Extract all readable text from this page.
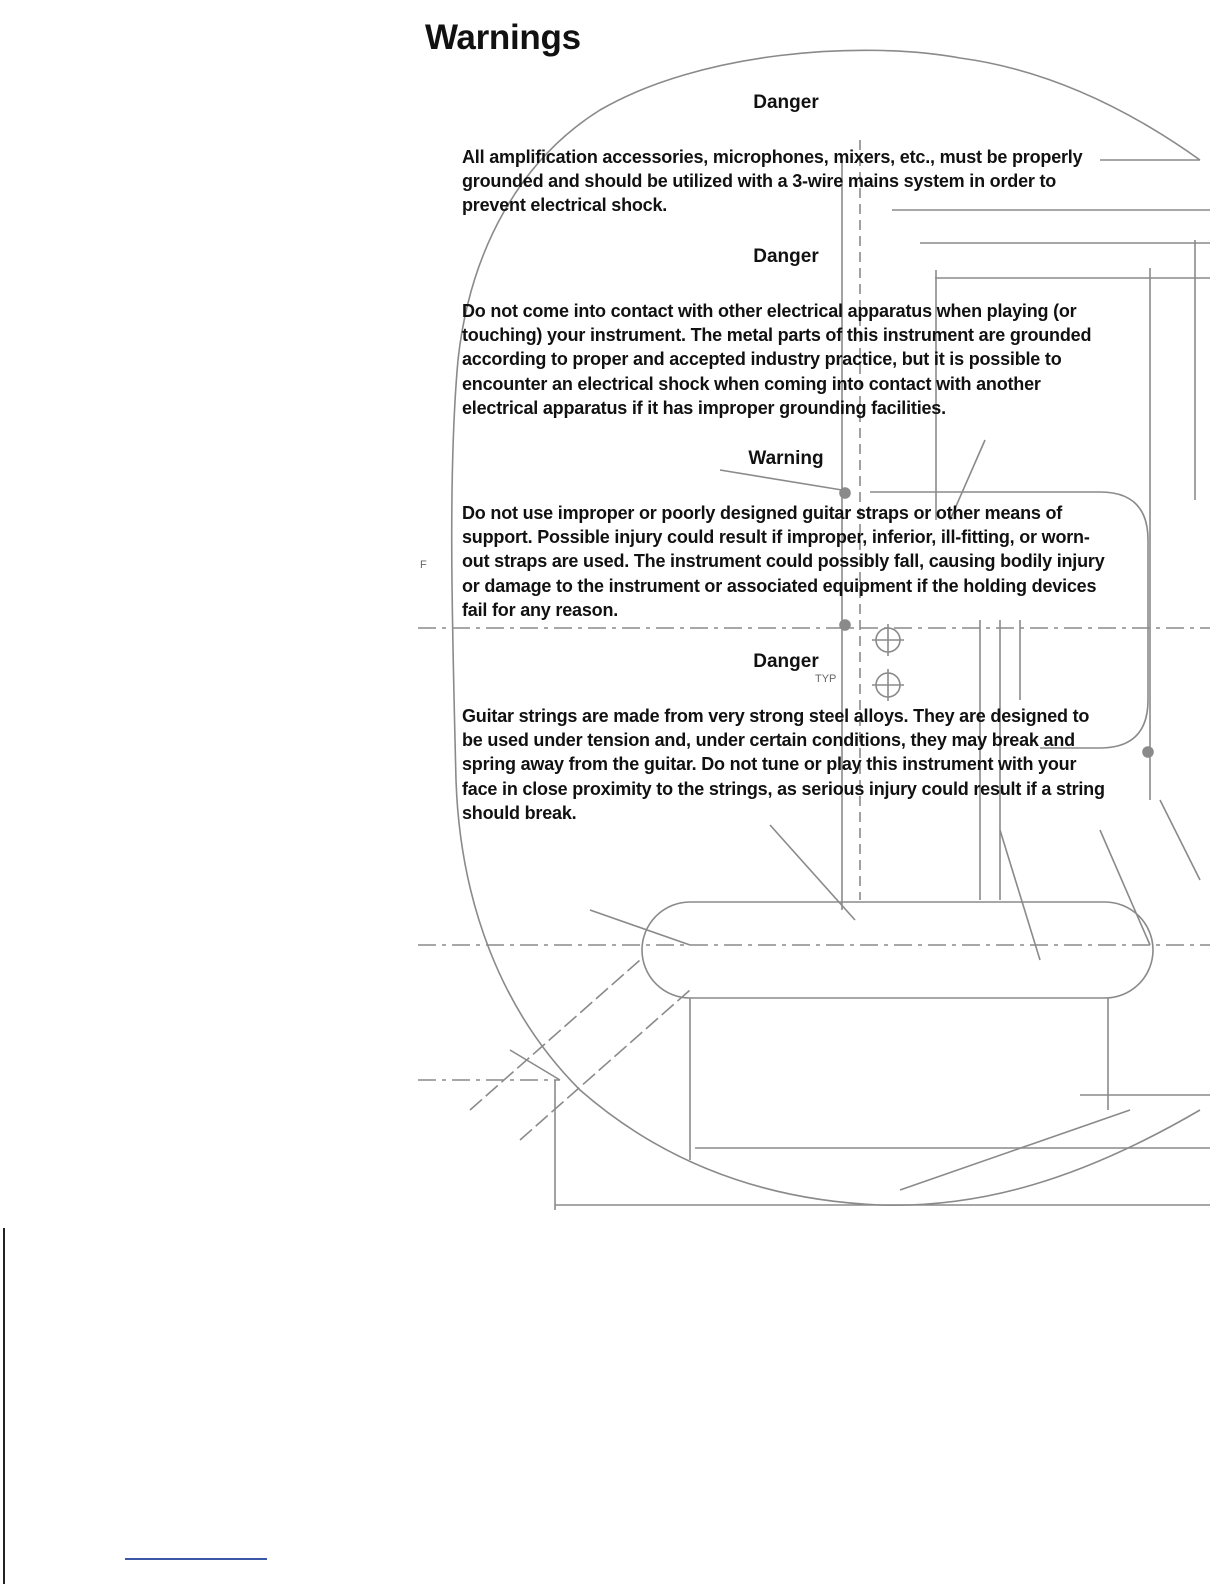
F
TYP
Warnings
Danger

All amplification accessories, microphones, mixers, etc., must be properly grounded and should be utilized with a 3-wire mains system in order to prevent electrical shock.

Danger

Do not come into contact with other electrical apparatus when playing (or touching) your instrument. The metal parts of this instrument are grounded according to proper and accepted industry practice, but it is possible to encounter an electrical shock when coming into contact with another electrical apparatus if it has improper grounding facilities.

Warning

Do not use improper or poorly designed guitar straps or other means of support. Possible injury could result if improper, inferior, ill-fitting, or worn-out straps are used. The instrument could possibly fall, causing bodily injury or damage to the instrument or associated equipment if the holding devices fail for any reason.

Danger

Guitar strings are made from very strong steel alloys. They are designed to be used under tension and, under certain conditions, they may break and spring away from the guitar. Do not tune or play this instrument with your face in close proximity to the strings, as serious injury could result if a string should break.
